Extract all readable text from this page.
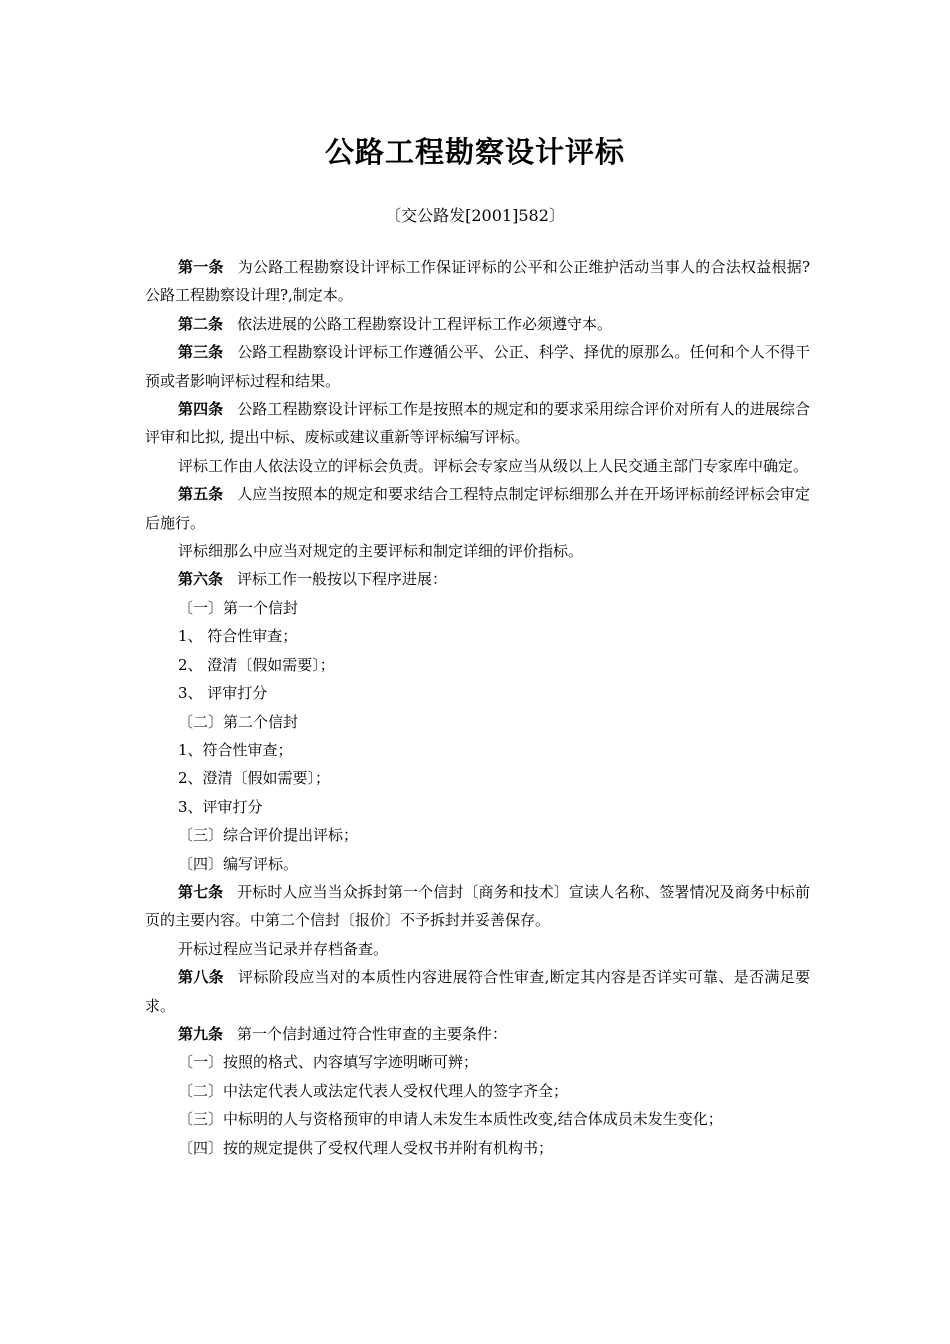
公路工程勘察设计评标

〔交公路发[2001]582〕

第一条 为公路工程勘察设计评标工作保证评标的公平和公正维护活动当事人的合法权益根据?公路工程勘察设计理?,制定本。

第二条 依法进展的公路工程勘察设计工程评标工作必须遵守本。

第三条 公路工程勘察设计评标工作遵循公平、公正、科学、择优的原那么。任何和个人不得干预或者影响评标过程和结果。

第四条 公路工程勘察设计评标工作是按照本的规定和的要求采用综合评价对所有人的进展综合评审和比拟, 提出中标、废标或建议重新等评标编写评标。

评标工作由人依法设立的评标会负责。评标会专家应当从级以上人民交通主部门专家库中确定。

第五条 人应当按照本的规定和要求结合工程特点制定评标细那么并在开场评标前经评标会审定后施行。

评标细那么中应当对规定的主要评标和制定详细的评价指标。

第六条 评标工作一般按以下程序进展：

〔一〕第一个信封

1、 符合性审查；

2、 澄清〔假如需要〕；

3、 评审打分

〔二〕第二个信封

1、符合性审查；

2、澄清〔假如需要〕；

3、评审打分

〔三〕综合评价提出评标；

〔四〕编写评标。

第七条 开标时人应当当众拆封第一个信封〔商务和技术〕宣读人名称、签署情况及商务中标前页的主要内容。中第二个信封〔报价〕不予拆封并妥善保存。

开标过程应当记录并存档备查。

第八条 评标阶段应当对的本质性内容进展符合性审查,断定其内容是否详实可靠、是否满足要求。

第九条 第一个信封通过符合性审查的主要条件：

〔一〕按照的格式、内容填写字迹明晰可辨；

〔二〕中法定代表人或法定代表人受权代理人的签字齐全；

〔三〕中标明的人与资格预审的申请人未发生本质性改变,结合体成员未发生变化；

〔四〕按的规定提供了受权代理人受权书并附有机构书；
